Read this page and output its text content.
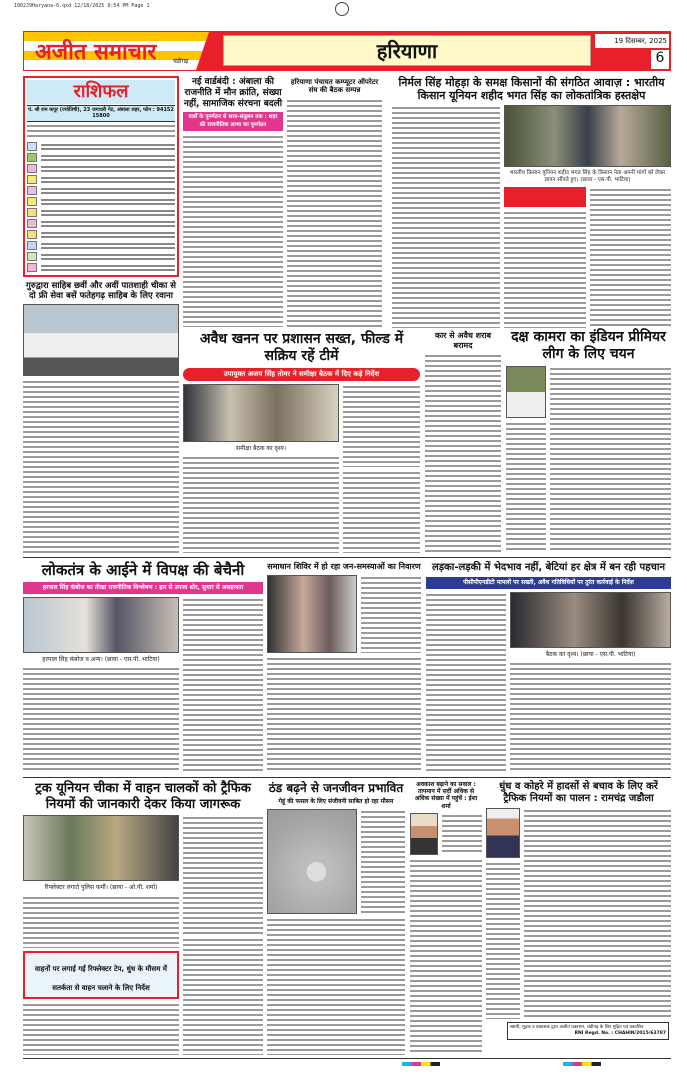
1902J9Haryana-6.qxd 12/18/2025 9:54 PM Page 1
अजीत समाचार	चंडीगढ़	हरियाणा	19 दिसम्बर, 2025
6
राशिफल
पं. श्री राम कपूर (ज्योतिषी), 23 जगाधरी गेट, अंबाला शहर, फोन : 94152 15800
गुरुद्वारा साहिब छवीं और अवीं पातशाही चीका से दो फ्री सेवा बसें फतेहगढ़ साहिब के लिए रवाना
नई वार्डबंदी : अंबाला की राजनीति में मौन क्रांति, संख्या नहीं, सामाजिक संरचना बदली
वार्डों के पुनर्गठन से सत्ता-संतुलन तक : शहर की राजनीतिक आभा का पुनर्गठन
हरियाणा पंचायत कम्प्यूटर ऑपरेटर संघ की बैठक सम्पन्न
निर्मल सिंह मोहड़ा के समक्ष किसानों की संगठित आवाज़ : भारतीय किसान यूनियन शहीद भगत सिंह का लोकतांत्रिक हस्तक्षेप
भारतीय किसान यूनियन शहीद भगत सिंह के किसान नेता अपनी मांगों को लेकर ज्ञापन सौंपते हुए। (छाया - एस.पी. भाटिया)
अवैध खनन पर प्रशासन सख्त, फील्ड में सक्रिय रहें टीमें
उपायुक्त अजय सिंह तोमर ने समीक्षा बैठक में दिए कड़े निर्देश
समीक्षा बैठक का दृश्य।
कार से अवैध शराब बरामद
दक्ष कामरा का इंडियन प्रीमियर लीग के लिए चयन
लोकतंत्र के आईने में विपक्ष की बेचैनी
हरपाल सिंह कंबोज का तीखा राजनीतिक विश्लेषण : हार से उपजा शोर, सुधार से असहजता
हरपाल सिंह कंबोज व अन्य। (छाया - एस.पी. भाटिया)
समाधान शिविर में हो रहा जन-समस्याओं का निवारण	लड़का-लड़की में भेदभाव नहीं, बेटियां हर क्षेत्र में बन रही पहचान
पीसीपीएनडीटी मामलों पर सख्ती, अवैध गतिविधियों पर तुरंत कार्रवाई के निर्देश
बैठक का दृश्य। (छाया - एस.पी. भाटिया)
ट्रक यूनियन चीका में वाहन चालकों को ट्रैफिक नियमों की जानकारी देकर किया जागरूक
रिफ्लेक्टर लगाते पुलिस कर्मी। (छाया - ओ.पी. शर्मा)
वाहनों पर लगाई गईं रिफ्लेक्टर टेप, धुंध के मौसम में सतर्कता से वाहन चलाने के लिए निर्देश
ठंड बढ़ने से जनजीवन प्रभावित
गेहूं की फसल के लिए संजीवनी साबित हो रहा मौसम
अवकाश बढ़ाने का सवाल : तापमान में सर्दी अधिक से अधिक संख्या में पहुंचें : ईशा शर्मा
धुंध व कोहरे में हादसों से बचाव के लिए करें ट्रैफिक नियमों का पालन : रामचंद्र जडौला
स्वामी, मुद्रक व प्रकाशक द्वारा अजीत प्रकाशन, चंडीगढ़ के लिए मुद्रित एवं प्रकाशित
RNI Regd. No. : CHAHIN/2015/63787
